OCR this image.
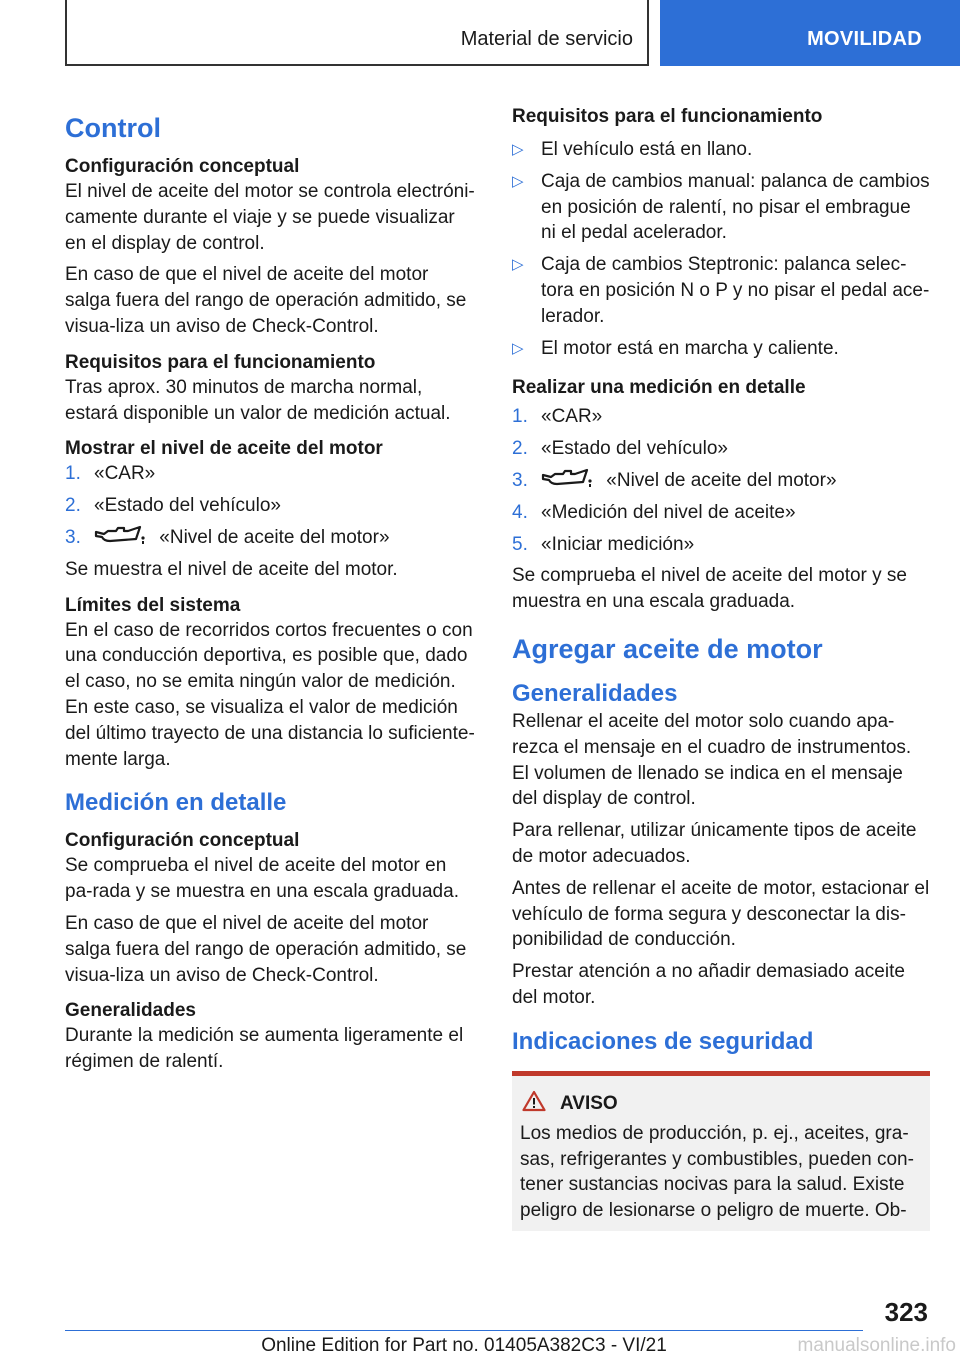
Material de servicio	MOVILIDAD
Control
Configuración conceptual
El nivel de aceite del motor se controla electróni-camente durante el viaje y se puede visualizar en el display de control.
En caso de que el nivel de aceite del motor salga fuera del rango de operación admitido, se visua-liza un aviso de Check-Control.
Requisitos para el funcionamiento
Tras aprox. 30 minutos de marcha normal, estará disponible un valor de medición actual.
Mostrar el nivel de aceite del motor
1. «CAR»
2. «Estado del vehículo»
3.	«Nivel de aceite del motor»
Se muestra el nivel de aceite del motor.
Límites del sistema
En el caso de recorridos cortos frecuentes o con una conducción deportiva, es posible que, dado el caso, no se emita ningún valor de medición.
En este caso, se visualiza el valor de medición del último trayecto de una distancia lo suficiente-mente larga.
Medición en detalle
Configuración conceptual
Se comprueba el nivel de aceite del motor en pa-rada y se muestra en una escala graduada.
En caso de que el nivel de aceite del motor salga fuera del rango de operación admitido, se visua-liza un aviso de Check-Control.
Generalidades
Durante la medición se aumenta ligeramente el régimen de ralentí.
Requisitos para el funcionamiento
▷ El vehículo está en llano.
▷ Caja de cambios manual: palanca de cambios en posición de ralentí, no pisar el embrague ni el pedal acelerador.
▷ Caja de cambios Steptronic: palanca selec-tora en posición N o P y no pisar el pedal ace-lerador.
▷ El motor está en marcha y caliente.
Realizar una medición en detalle
1. «CAR»
2. «Estado del vehículo»
3.	«Nivel de aceite del motor»
4. «Medición del nivel de aceite»
5. «Iniciar medición»
Se comprueba el nivel de aceite del motor y se muestra en una escala graduada.
Agregar aceite de motor
Generalidades
Rellenar el aceite del motor solo cuando apa-rezca el mensaje en el cuadro de instrumentos. El volumen de llenado se indica en el mensaje del display de control.
Para rellenar, utilizar únicamente tipos de aceite de motor adecuados.
Antes de rellenar el aceite de motor, estacionar el vehículo de forma segura y desconectar la dis-ponibilidad de conducción.
Prestar atención a no añadir demasiado aceite del motor.
Indicaciones de seguridad
AVISO
Los medios de producción, p. ej., aceites, gra-sas, refrigerantes y combustibles, pueden con-tener sustancias nocivas para la salud. Existe peligro de lesionarse o peligro de muerte. Ob-
323
Online Edition for Part no. 01405A382C3 - VI/21	manualsonline.info
